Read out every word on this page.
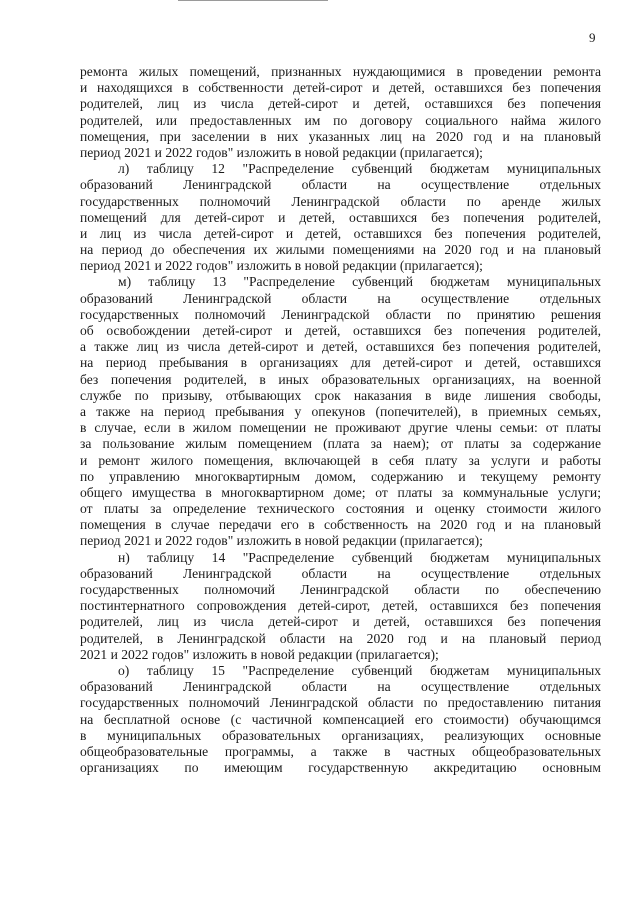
9
ремонта жилых помещений, признанных нуждающимися в проведении ремонта
и находящихся в собственности детей-сирот и детей, оставшихся без попечения
родителей, лиц из числа детей-сирот и детей, оставшихся без попечения
родителей, или предоставленных им по договору социального найма жилого
помещения, при заселении в них указанных лиц на 2020 год и на плановый
период 2021 и 2022 годов" изложить в новой редакции (прилагается);
л) таблицу 12 "Распределение субвенций бюджетам муниципальных
образований Ленинградской области на осуществление отдельных
государственных полномочий Ленинградской области по аренде жилых
помещений для детей-сирот и детей, оставшихся без попечения родителей,
и лиц из числа детей-сирот и детей, оставшихся без попечения родителей,
на период до обеспечения их жилыми помещениями на 2020 год и на плановый
период 2021 и 2022 годов" изложить в новой редакции (прилагается);
м) таблицу 13 "Распределение субвенций бюджетам муниципальных
образований Ленинградской области на осуществление отдельных
государственных полномочий Ленинградской области по принятию решения
об освобождении детей-сирот и детей, оставшихся без попечения родителей,
а также лиц из числа детей-сирот и детей, оставшихся без попечения родителей,
на период пребывания в организациях для детей-сирот и детей, оставшихся
без попечения родителей, в иных образовательных организациях, на военной
службе по призыву, отбывающих срок наказания в виде лишения свободы,
а также на период пребывания у опекунов (попечителей), в приемных семьях,
в случае, если в жилом помещении не проживают другие члены семьи: от платы
за пользование жилым помещением (плата за наем); от платы за содержание
и ремонт жилого помещения, включающей в себя плату за услуги и работы
по управлению многоквартирным домом, содержанию и текущему ремонту
общего имущества в многоквартирном доме; от платы за коммунальные услуги;
от платы за определение технического состояния и оценку стоимости жилого
помещения в случае передачи его в собственность на 2020 год и на плановый
период 2021 и 2022 годов" изложить в новой редакции (прилагается);
н) таблицу 14 "Распределение субвенций бюджетам муниципальных
образований Ленинградской области на осуществление отдельных
государственных полномочий Ленинградской области по обеспечению
постинтернатного сопровождения детей-сирот, детей, оставшихся без попечения
родителей, лиц из числа детей-сирот и детей, оставшихся без попечения
родителей, в Ленинградской области на 2020 год и на плановый период
2021 и 2022 годов" изложить в новой редакции (прилагается);
о) таблицу 15 "Распределение субвенций бюджетам муниципальных
образований Ленинградской области на осуществление отдельных
государственных полномочий Ленинградской области по предоставлению питания
на бесплатной основе (с частичной компенсацией его стоимости) обучающимся
в муниципальных образовательных организациях, реализующих основные
общеобразовательные программы, а также в частных общеобразовательных
организациях по имеющим государственную аккредитацию основным
